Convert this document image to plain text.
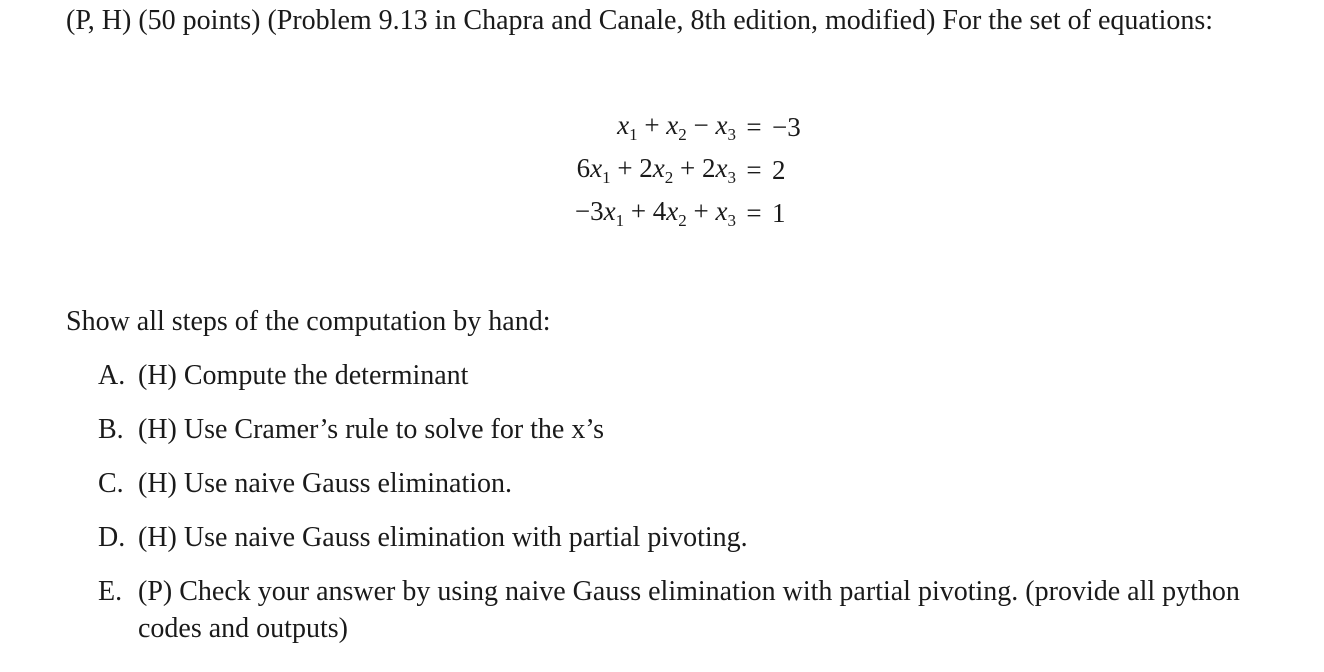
(P, H) (50 points) (Problem 9.13 in Chapra and Canale, 8th edition, modified) For the set of equations:

$x_1 + x_2 - x_3 = -3$
$6x_1 + 2x_2 + 2x_3 = 2$
$-3x_1 + 4x_2 + x_3 = 1$

Show all steps of the computation by hand:

A. (H) Compute the determinant
B. (H) Use Cramer’s rule to solve for the x’s
C. (H) Use naive Gauss elimination.
D. (H) Use naive Gauss elimination with partial pivoting.
E. (P) Check your answer by using naive Gauss elimination with partial pivoting. (provide all python codes and outputs)
